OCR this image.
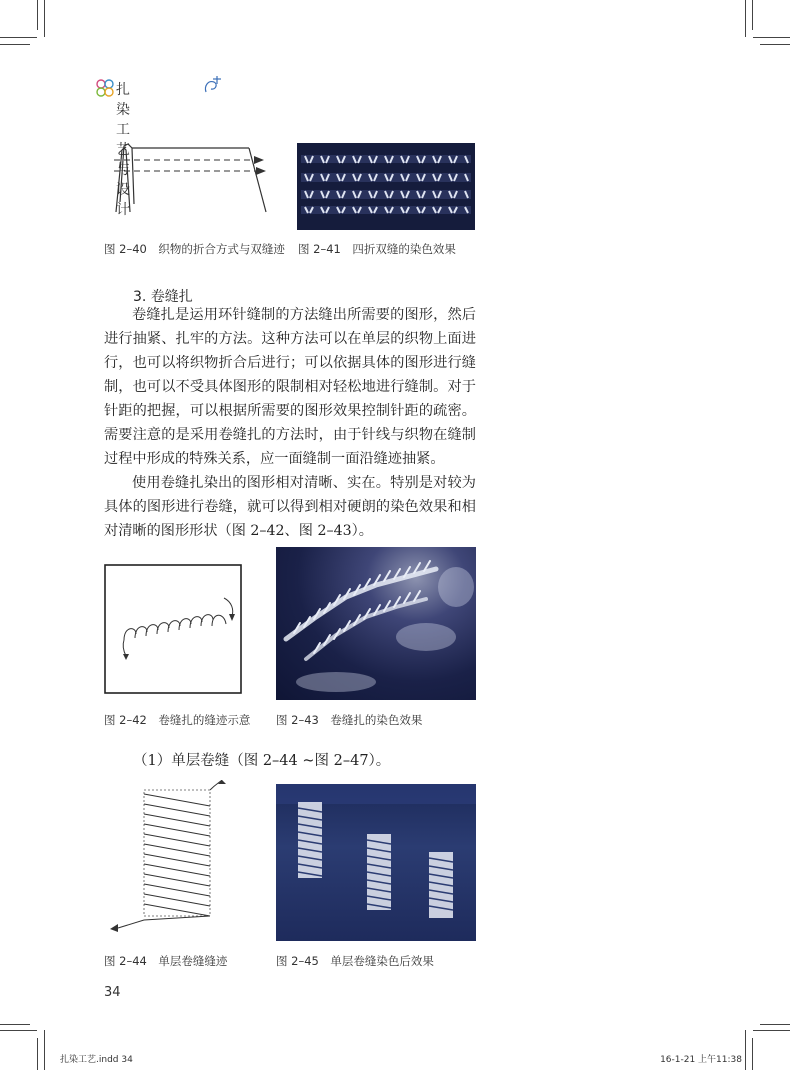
扎染工艺与设计
图 2–40　织物的折合方式与双缝迹 图 2–41　四折双缝的染色效果
3. 卷缝扎

卷缝扎是运用环针缝制的方法缝出所需要的图形，然后进行抽紧、扎牢的方法。这种方法可以在单层的织物上面进行，也可以将织物折合后进行；可以依据具体的图形进行缝制，也可以不受具体图形的限制相对轻松地进行缝制。对于针距的把握，可以根据所需要的图形效果控制针距的疏密。需要注意的是采用卷缝扎的方法时，由于针线与织物在缝制过程中形成的特殊关系，应一面缝制一面沿缝迹抽紧。

使用卷缝扎染出的图形相对清晰、实在。特别是对较为具体的图形进行卷缝，就可以得到相对硬朗的染色效果和相对清晰的图形形状（图 2–42、图 2–43）。

图 2–42　卷缝扎的缝迹示意 图 2–43　卷缝扎的染色效果
（1）单层卷缝（图 2–44 ~图 2–47）。
图 2–44　单层卷缝缝迹	图 2–45　单层卷缝染色后效果
34
扎染工艺.indd 34	16-1-21 上午11:38
